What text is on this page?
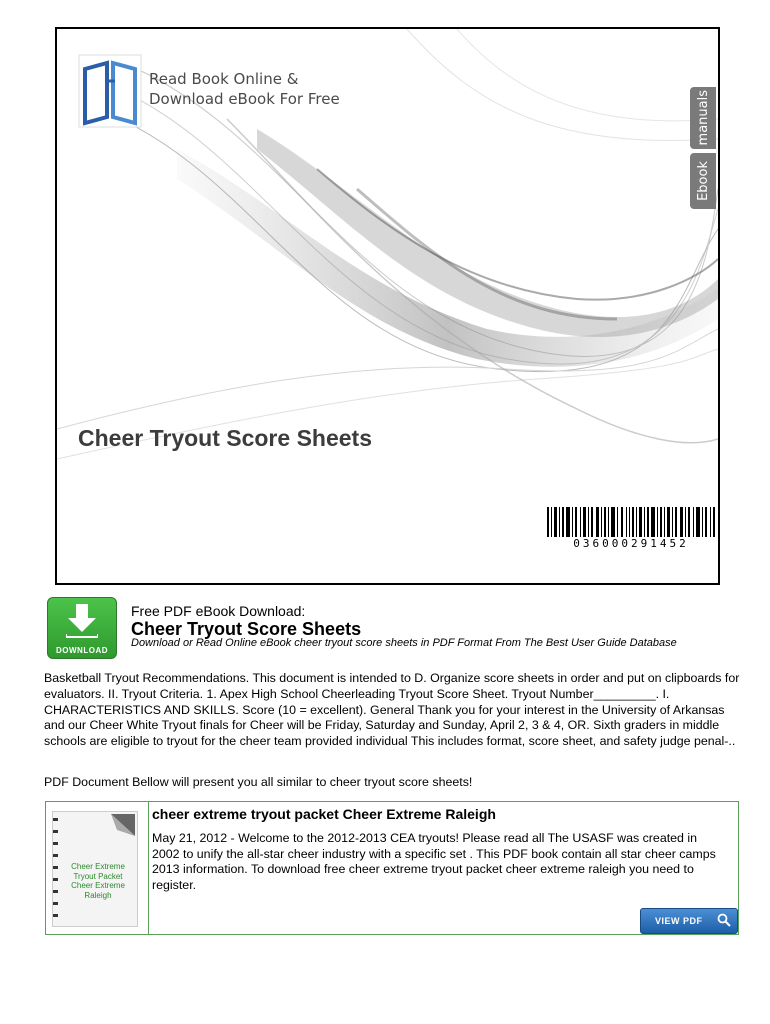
Read Book Online &
Download eBook For Free	manuals
Ebook
Cheer Tryout Score Sheets
036000291452
DOWNLOAD
Free PDF eBook Download:
Cheer Tryout Score Sheets
Download or Read Online eBook cheer tryout score sheets in PDF Format From The Best User Guide Database
Basketball Tryout Recommendations. This document is intended to D. Organize score sheets in order and put on clipboards for evaluators. II. Tryout Criteria. 1. Apex High School Cheerleading Tryout Score Sheet. Tryout Number_________. I. CHARACTERISTICS AND SKILLS. Score (10 = excellent). General Thank you for your interest in the University of Arkansas and our Cheer White Tryout finals for Cheer will be Friday, Saturday and Sunday, April 2, 3 & 4, OR. Sixth graders in middle schools are eligible to tryout for the cheer team provided individual This includes format, score sheet, and safety judge penal-..
PDF Document Bellow will present you all similar to cheer tryout score sheets!
Cheer Extreme
Tryout Packet
Cheer Extreme
Raleigh
cheer extreme tryout packet Cheer Extreme Raleigh
May 21, 2012 - Welcome to the 2012-2013 CEA tryouts! Please read all The USASF was created in 2002 to unify the all-star cheer industry with a specific set . This PDF book contain all star cheer camps 2013 information. To download free cheer extreme tryout packet cheer extreme raleigh you need to register.
VIEW PDF
